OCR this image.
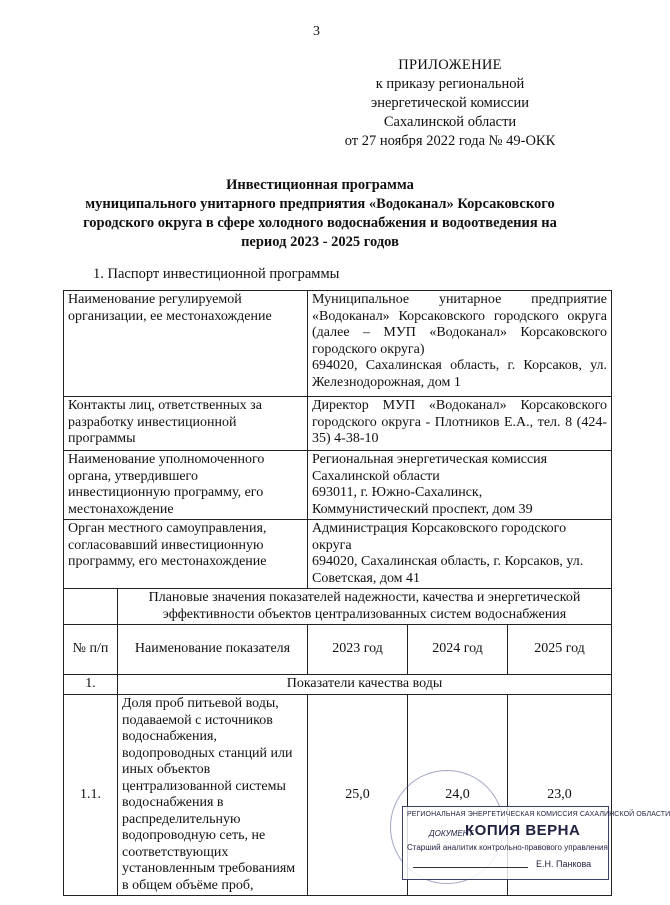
3
ПРИЛОЖЕНИЕ
к приказу региональной
энергетической комиссии
Сахалинской области
от 27 ноября 2022 года № 49-ОКК
Инвестиционная программа
муниципального унитарного предприятия «Водоканал» Корсаковского
городского округа в сфере холодного водоснабжения и водоотведения на
период 2023 - 2025 годов
1. Паспорт инвестиционной программы
Наименование регулируемой организации, ее местонахождение		Муниципальное унитарное предприятие «Водоканал» Корсаковского городского округа (далее – МУП «Водоканал» Корсаковского городского округа)
694020, Сахалинская область, г. Корсаков, ул. Железнодорожная, дом 1		

Контакты лиц, ответственных за разработку инвестиционной программы		Директор МУП «Водоканал» Корсаковского городского округа - Плотников Е.А., тел. 8 (424-35) 4-38-10		

Наименование уполномоченного органа, утвердившего инвестиционную программу, его местонахождение		Региональная энергетическая комиссия Сахалинской области
693011, г. Южно-Сахалинск,
Коммунистический проспект, дом 39		

Орган местного самоуправления, согласовавший инвестиционную программу, его местонахождение		Администрация Корсаковского городского округа
694020, Сахалинская область, г. Корсаков, ул. Советская, дом 41		

	Плановые значения показателей надежности, качества и энергетической эффективности объектов централизованных систем водоснабжения			
№ п/п	Наименование показателя	2023 год	2024 год	2025 год
1.	Показатели качества воды			
1.1.	Доля проб питьевой воды, подаваемой с источников водоснабжения, водопроводных станций или иных объектов централизованной системы водоснабжения в распределительную водопроводную сеть, не соответствующих установленным требованиям в общем объёме проб,	25,0	24,0	23,0
РЕГИОНАЛЬНАЯ ЭНЕРГЕТИЧЕСКАЯ КОМИССИЯ САХАЛИНСКОЙ ОБЛАСТИ
ДОКУМЕНТ
КОПИЯ ВЕРНА
Старший аналитик контрольно-правового управления
Е.Н. Панкова
